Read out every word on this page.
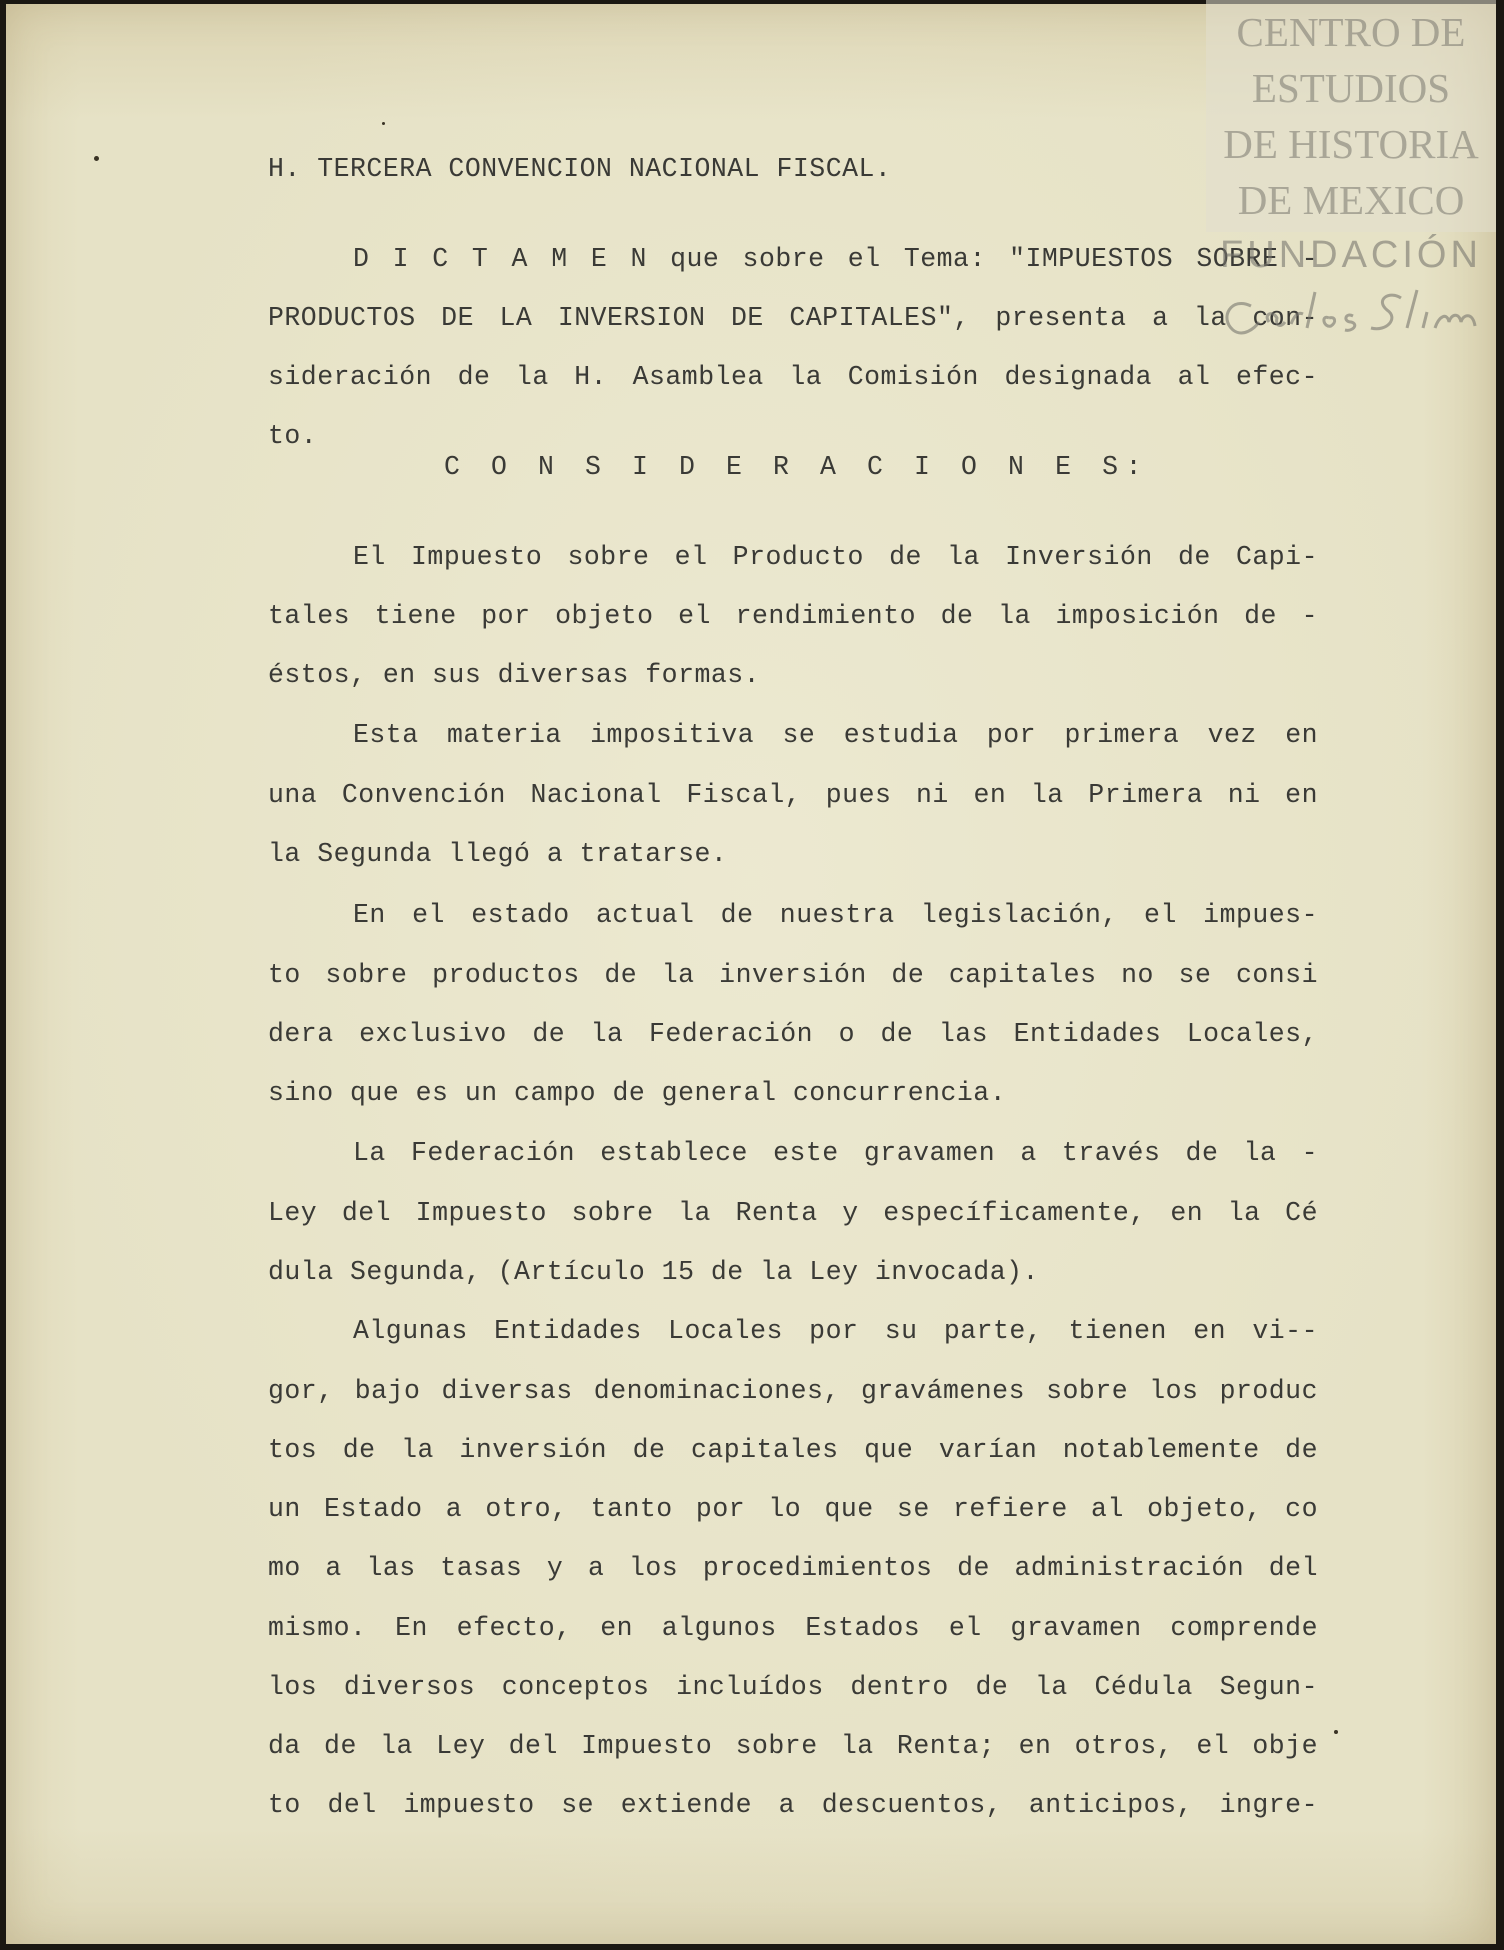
H. TERCERA CONVENCION NACIONAL FISCAL.

D I C T A M E N que sobre el Tema: "IMPUESTOS SOBRE -

PRODUCTOS DE LA INVERSION DE CAPITALES", presenta a la con-

sideración de la H. Asamblea la Comisión designada al efec-

to.

C O N S I D E R A C I O N E S:

El Impuesto sobre el Producto de la Inversión de Capi-

tales tiene por objeto el rendimiento de la imposición de -

éstos, en sus diversas formas.

Esta materia impositiva se estudia por primera vez en

una Convención Nacional Fiscal, pues ni en la Primera ni en

la Segunda llegó a tratarse.

En el estado actual de nuestra legislación, el impues-

to sobre productos de la inversión de capitales no se consi

dera exclusivo de la Federación o de las Entidades Locales,

sino que es un campo de general concurrencia.

La Federación establece este gravamen a través de la -

Ley del Impuesto sobre la Renta y específicamente, en la Cé

dula Segunda, (Artículo 15 de la Ley invocada).

Algunas Entidades Locales por su parte, tienen en vi--

gor, bajo diversas denominaciones, gravámenes sobre los produc

tos de la inversión de capitales que varían notablemente de

un Estado a otro, tanto por lo que se refiere al objeto, co

mo a las tasas y a los procedimientos de administración del

mismo. En efecto, en algunos Estados el gravamen comprende

los diversos conceptos incluídos dentro de la Cédula Segun-

da de la Ley del Impuesto sobre la Renta; en otros, el obje

to del impuesto se extiende a descuentos, anticipos, ingre-

CENTRO DE
ESTUDIOS
DE HISTORIA
DE MEXICO
FUNDACIÓN
